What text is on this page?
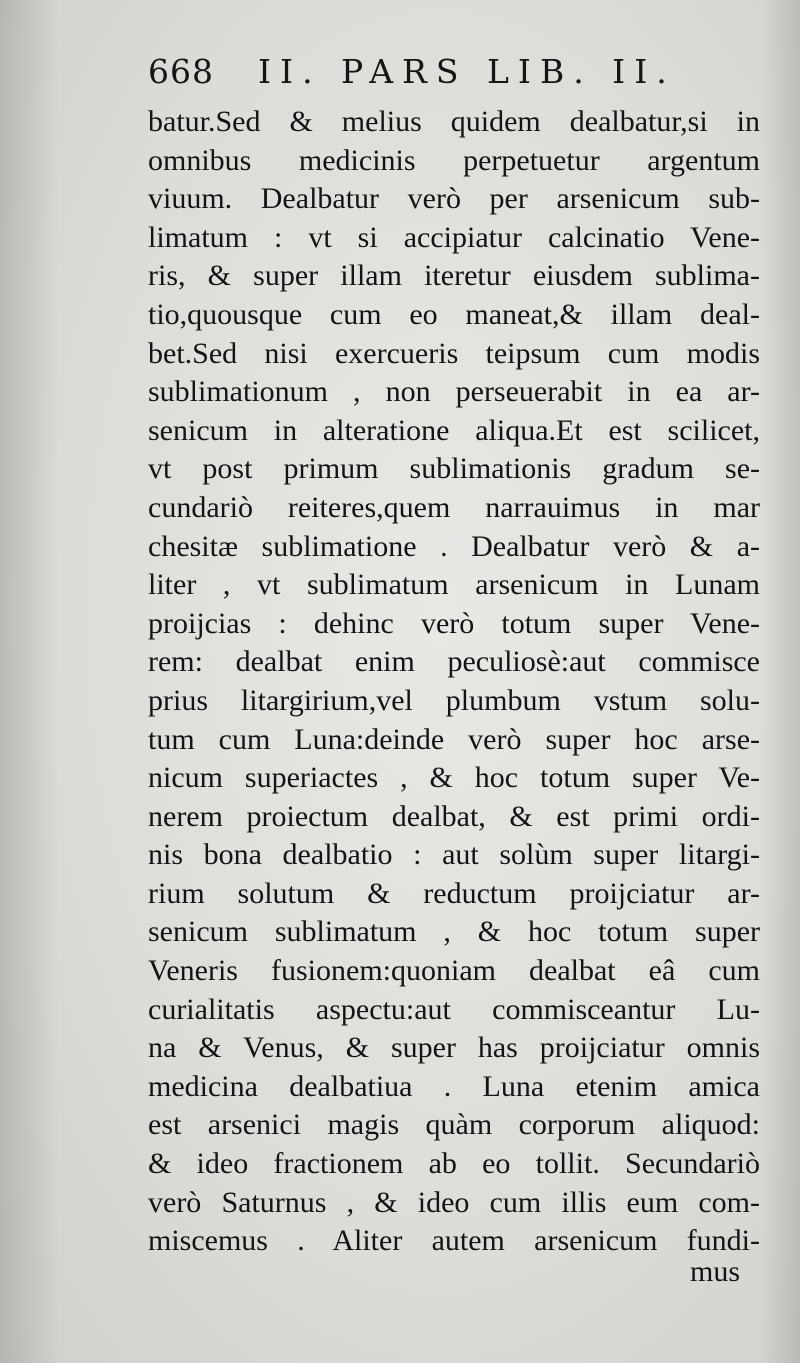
668 II. PARS LIB. II.
batur.Sed & melius quidem dealbatur,si in
omnibus medicinis perpetuetur argentum
viuum. Dealbatur verò per arsenicum sub-
limatum : vt si accipiatur calcinatio Vene-
ris, & super illam iteretur eiusdem sublima-
tio,quousque cum eo maneat,& illam deal-
bet.Sed nisi exercueris teipsum cum modis
sublimationum , non perseuerabit in ea ar-
senicum in alteratione aliqua.Et est scilicet,
vt post primum sublimationis gradum se-
cundariò reiteres,quem narrauimus in mar
chesitæ sublimatione . Dealbatur verò & a-
liter , vt sublimatum arsenicum in Lunam
proijcias : dehinc verò totum super Vene-
rem: dealbat enim peculiosè:aut commisce
prius litargirium,vel plumbum vstum solu-
tum cum Luna:deinde verò super hoc arse-
nicum superiactes , & hoc totum super Ve-
nerem proiectum dealbat, & est primi ordi-
nis bona dealbatio : aut solùm super litargi-
rium solutum & reductum proijciatur ar-
senicum sublimatum , & hoc totum super
Veneris fusionem:quoniam dealbat eâ cum
curialitatis aspectu:aut commisceantur Lu-
na & Venus, & super has proijciatur omnis
medicina dealbatiua . Luna etenim amica
est arsenici magis quàm corporum aliquod:
& ideo fractionem ab eo tollit. Secundariò
verò Saturnus , & ideo cum illis eum com-
miscemus . Aliter autem arsenicum fundi-
mus
